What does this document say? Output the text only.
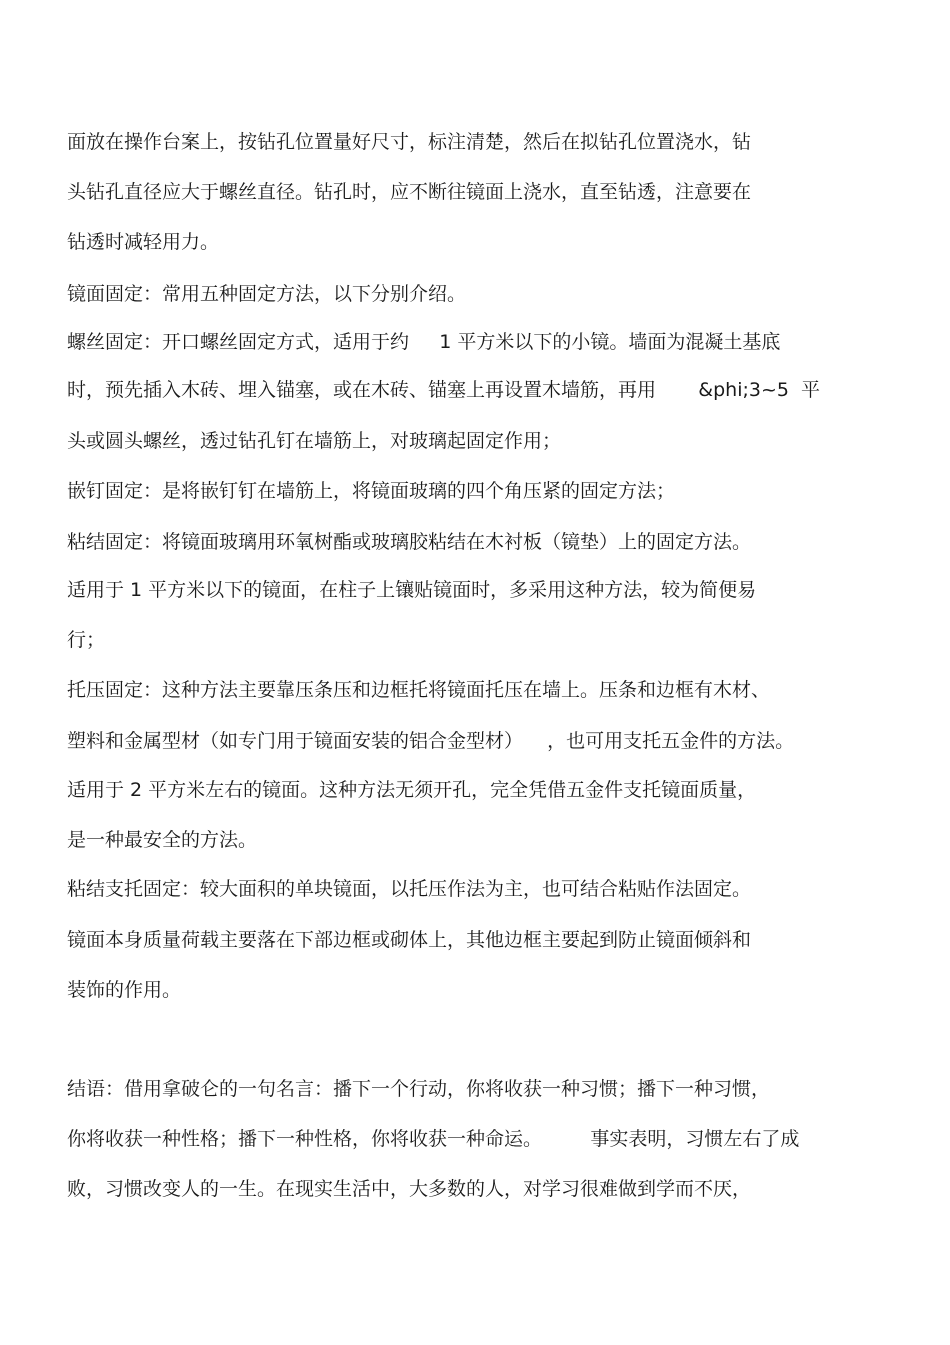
面放在操作台案上，按钻孔位置量好尺寸，标注清楚，然后在拟钻孔位置浇水，钻
头钻孔直径应大于螺丝直径。钻孔时，应不断往镜面上浇水，直至钻透，注意要在
钻透时减轻用力。
镜面固定：常用五种固定方法，以下分别介绍。
螺丝固定：开口螺丝固定方式，适用于约     1 平方米以下的小镜。墙面为混凝土基底
时，预先插入木砖、埋入锚塞，或在木砖、锚塞上再设置木墙筋，再用       &phi;3~5  平
头或圆头螺丝，透过钻孔钉在墙筋上，对玻璃起固定作用；
嵌钉固定：是将嵌钉钉在墙筋上，将镜面玻璃的四个角压紧的固定方法；
粘结固定：将镜面玻璃用环氧树酯或玻璃胶粘结在木衬板（镜垫）上的固定方法。
适用于 1 平方米以下的镜面，在柱子上镶贴镜面时，多采用这种方法，较为简便易
行；
托压固定：这种方法主要靠压条压和边框托将镜面托压在墙上。压条和边框有木材、
塑料和金属型材（如专门用于镜面安装的铝合金型材）    ，也可用支托五金件的方法。
适用于 2 平方米左右的镜面。这种方法无须开孔，完全凭借五金件支托镜面质量，
是一种最安全的方法。
粘结支托固定：较大面积的单块镜面，以托压作法为主，也可结合粘贴作法固定。
镜面本身质量荷载主要落在下部边框或砌体上，其他边框主要起到防止镜面倾斜和
装饰的作用。
结语：借用拿破仑的一句名言：播下一个行动，你将收获一种习惯；播下一种习惯，
你将收获一种性格；播下一种性格，你将收获一种命运。        事实表明，习惯左右了成
败，习惯改变人的一生。在现实生活中，大多数的人，对学习很难做到学而不厌，
